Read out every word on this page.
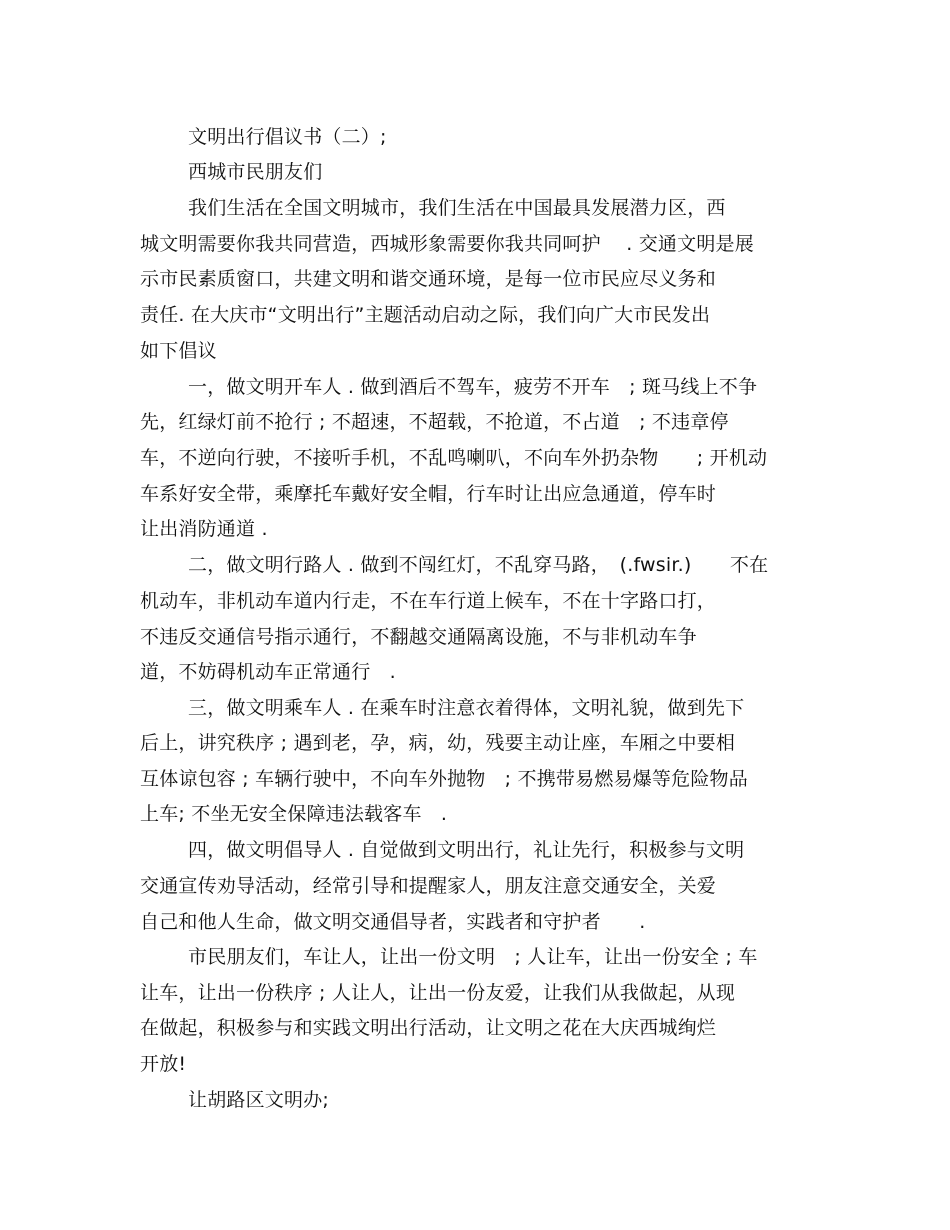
文明出行倡议书（二）;
西城市民朋友们
我们生活在全国文明城市，我们生活在中国最具发展潜力区，西
城文明需要你我共同营造，西城形象需要你我共同呵护　 . 交通文明是展
示市民素质窗口，共建文明和谐交通环境，是每一位市民应尽义务和
责任. 在大庆市“文明出行”主题活动启动之际，我们向广大市民发出
如下倡议
一，做文明开车人 . 做到酒后不驾车，疲劳不开车　; 斑马线上不争
先，红绿灯前不抢行 ; 不超速，不超载，不抢道，不占道　; 不违章停
车，不逆向行驶，不接听手机，不乱鸣喇叭，不向车外扔杂物　　; 开机动
车系好安全带，乘摩托车戴好安全帽，行车时让出应急通道，停车时
让出消防通道 .
二，做文明行路人 . 做到不闯红灯，不乱穿马路，　(.fwsir.)　　不在
机动车，非机动车道内行走，不在车行道上候车，不在十字路口打，
不违反交通信号指示通行，不翻越交通隔离设施，不与非机动车争
道，不妨碍机动车正常通行　.
三，做文明乘车人 . 在乘车时注意衣着得体，文明礼貌，做到先下
后上，讲究秩序 ; 遇到老，孕，病，幼，残要主动让座，车厢之中要相
互体谅包容 ; 车辆行驶中，不向车外抛物　; 不携带易燃易爆等危险物品
上车; 不坐无安全保障违法载客车　.
四，做文明倡导人 . 自觉做到文明出行，礼让先行，积极参与文明
交通宣传劝导活动，经常引导和提醒家人，朋友注意交通安全，关爱
自己和他人生命，做文明交通倡导者，实践者和守护者　　.
市民朋友们，车让人，让出一份文明　; 人让车，让出一份安全 ; 车
让车，让出一份秩序 ; 人让人，让出一份友爱，让我们从我做起，从现
在做起，积极参与和实践文明出行活动，让文明之花在大庆西城绚烂
开放!
让胡路区文明办;
